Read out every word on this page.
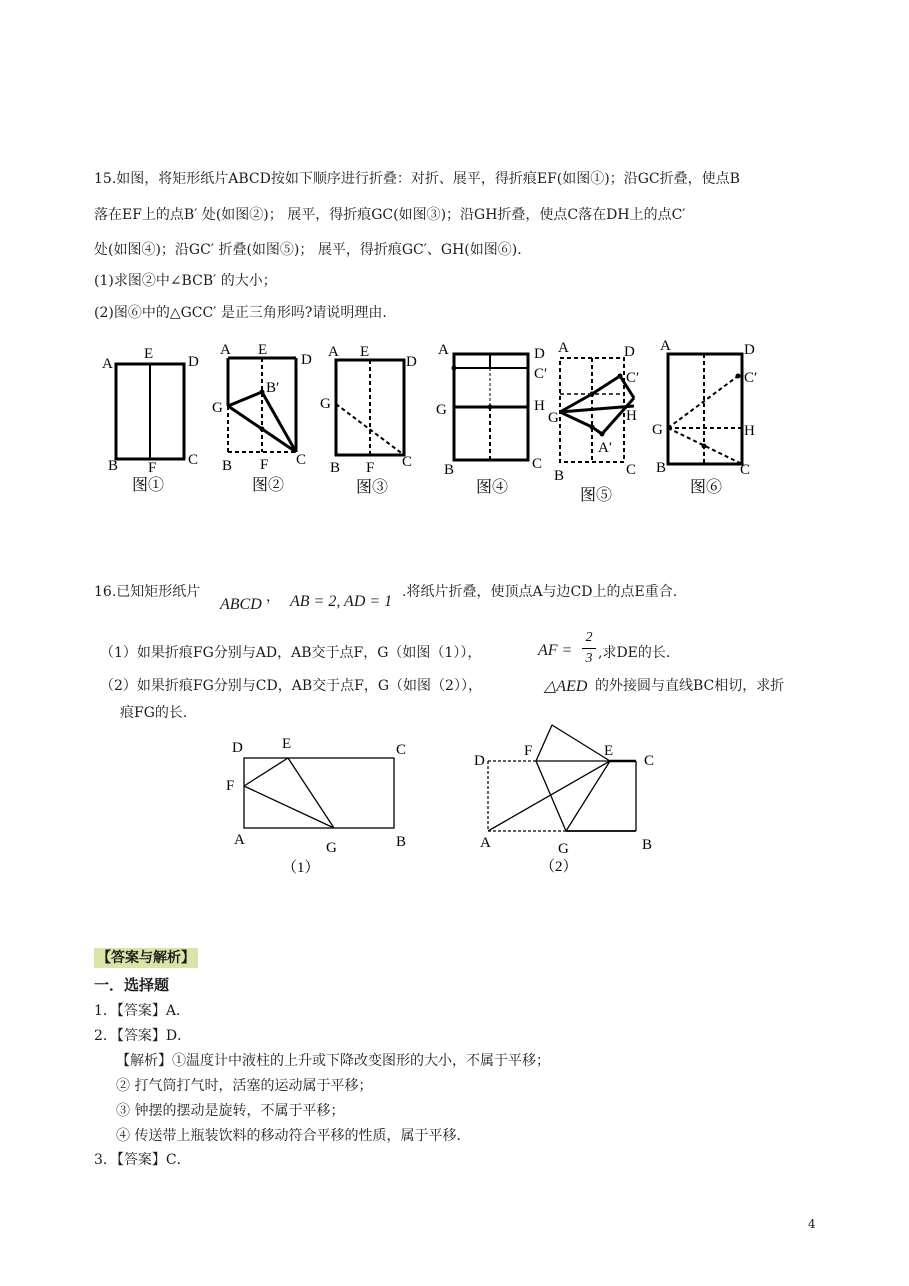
15.如图，将矩形纸片ABCD按如下顺序进行折叠：对折、展平，得折痕EF(如图①)；沿GC折叠，使点B
落在EF上的点B′ 处(如图②)； 展平，得折痕GC(如图③)；沿GH折叠，使点C落在DH上的点C′
处(如图④)；沿GC′ 折叠(如图⑤)； 展平，得折痕GC′、GH(如图⑥).
(1)求图②中∠BCB′ 的大小；
(2)图⑥中的△GCC′ 是正三角形吗?请说明理由.
A
E D
B F C
图①
A E
D
B′
G
B F C
图②
A E
D
G
B F C
图③
A	D
C′
G	H
B	C
图④
A	D
C′
G	H
A′
B	C
图⑤
A	D
C′
G	H
B	C
图⑥
16.已知矩形纸片
ABCD ， AB = 2, AD = 1
.将纸片折叠，使顶点A与边CD上的点E重合.
（1）如果折痕FG分别与AD，AB交于点F，G（如图（1）），	AF =
2
3 ,求DE的长.
（2）如果折痕FG分别与CD，AB交于点F，G（如图（2）），	△AED 的外接圆与直线BC相切，求折
痕FG的长.
D	E	C
F
A	G	B
（1）
D
F	E
C
A	G	B
（2）
【答案与解析】
一．选择题
1．【答案】A．
2．【答案】D．
【解析】①温度计中液柱的上升或下降改变图形的大小，不属于平移；
② 打气筒打气时，活塞的运动属于平移；
③ 钟摆的摆动是旋转，不属于平移；
④ 传送带上瓶装饮料的移动符合平移的性质，属于平移．
3．【答案】C．
4
